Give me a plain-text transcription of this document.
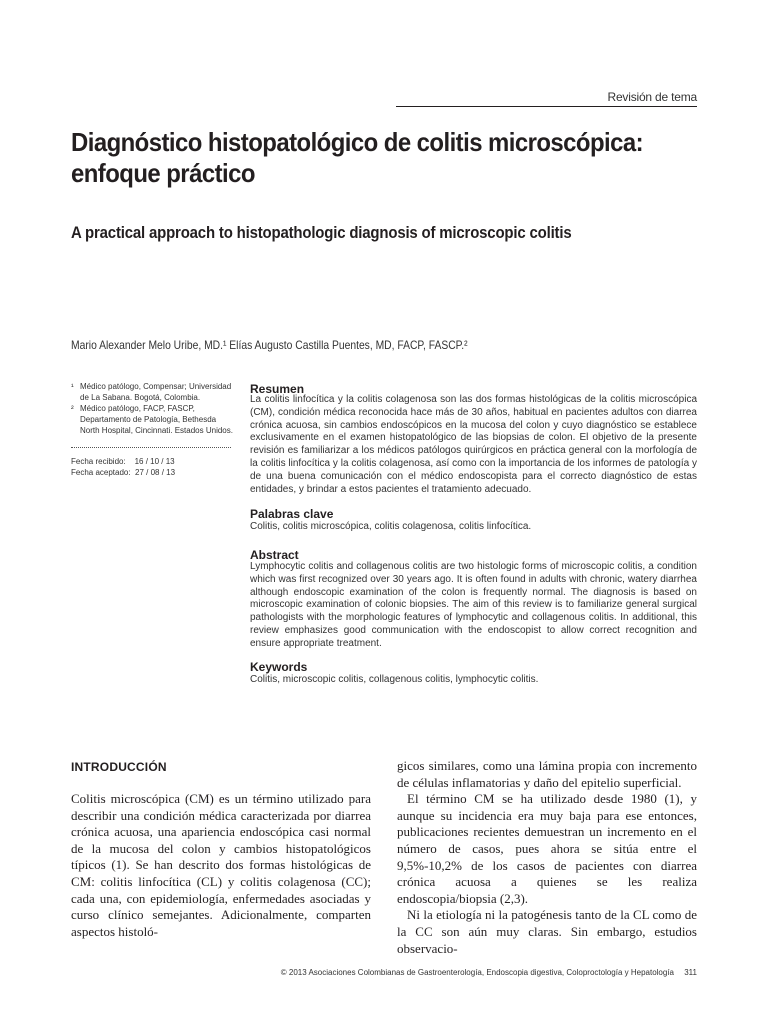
Revisión de tema
Diagnóstico histopatológico de colitis microscópica: enfoque práctico
A practical approach to histopathologic diagnosis of microscopic colitis
Mario Alexander Melo Uribe, MD.¹ Elías Augusto Castilla Puentes, MD, FACP, FASCP.²
¹ Médico patólogo, Compensar; Universidad de La Sabana. Bogotá, Colombia.
² Médico patólogo, FACP, FASCP, Departamento de Patología, Bethesda North Hospital, Cincinnati. Estados Unidos.
Fecha recibido:    16 / 10 / 13
Fecha aceptado:  27 / 08 / 13
Resumen

La colitis linfocítica y la colitis colagenosa son las dos formas histológicas de la colitis microscópica (CM), condición médica reconocida hace más de 30 años, habitual en pacientes adultos con diarrea crónica acuosa, sin cambios endoscópicos en la mucosa del colon y cuyo diagnóstico se establece exclusivamente en el examen histopatológico de las biopsias de colon. El objetivo de la presente revisión es familiarizar a los médicos patólogos quirúrgicos en práctica general con la morfología de la colitis linfocítica y la colitis colagenosa, así como con la importancia de los informes de patología y de una buena comunicación con el médico endoscopista para el correcto diagnóstico de estas entidades, y brindar a estos pacientes el tratamiento adecuado.

Palabras clave

Colitis, colitis microscópica, colitis colagenosa, colitis linfocítica.

Abstract

Lymphocytic colitis and collagenous colitis are two histologic forms of microscopic colitis, a condition which was first recognized over 30 years ago. It is often found in adults with chronic, watery diarrhea although endoscopic examination of the colon is frequently normal. The diagnosis is based on microscopic examination of colonic biopsies. The aim of this review is to familiarize general surgical pathologists with the morphologic features of lymphocytic and collagenous colitis. In additional, this review emphasizes good communication with the endoscopist to allow correct recognition and ensure appropriate treatment.

Keywords

Colitis, microscopic colitis, collagenous colitis, lymphocytic colitis.

INTRODUCCIÓN

Colitis microscópica (CM) es un término utilizado para describir una condición médica caracterizada por diarrea crónica acuosa, una apariencia endoscópica casi normal de la mucosa del colon y cambios histopatológicos típicos (1). Se han descrito dos formas histológicas de CM: colitis linfocítica (CL) y colitis colagenosa (CC); cada una, con epidemiología, enfermedades asociadas y curso clínico semejantes. Adicionalmente, comparten aspectos histoló-

gicos similares, como una lámina propia con incremento de células inflamatorias y daño del epitelio superficial.

El término CM se ha utilizado desde 1980 (1), y aunque su incidencia era muy baja para ese entonces, publicaciones recientes demuestran un incremento en el número de casos, pues ahora se sitúa entre el 9,5%-10,2% de los casos de pacientes con diarrea crónica acuosa a quienes se les realiza endoscopia/biopsia (2,3).

Ni la etiología ni la patogénesis tanto de la CL como de la CC son aún muy claras. Sin embargo, estudios observacio-

© 2013 Asociaciones Colombianas de Gastroenterología, Endoscopia digestiva, Coloproctología y Hepatología 311
